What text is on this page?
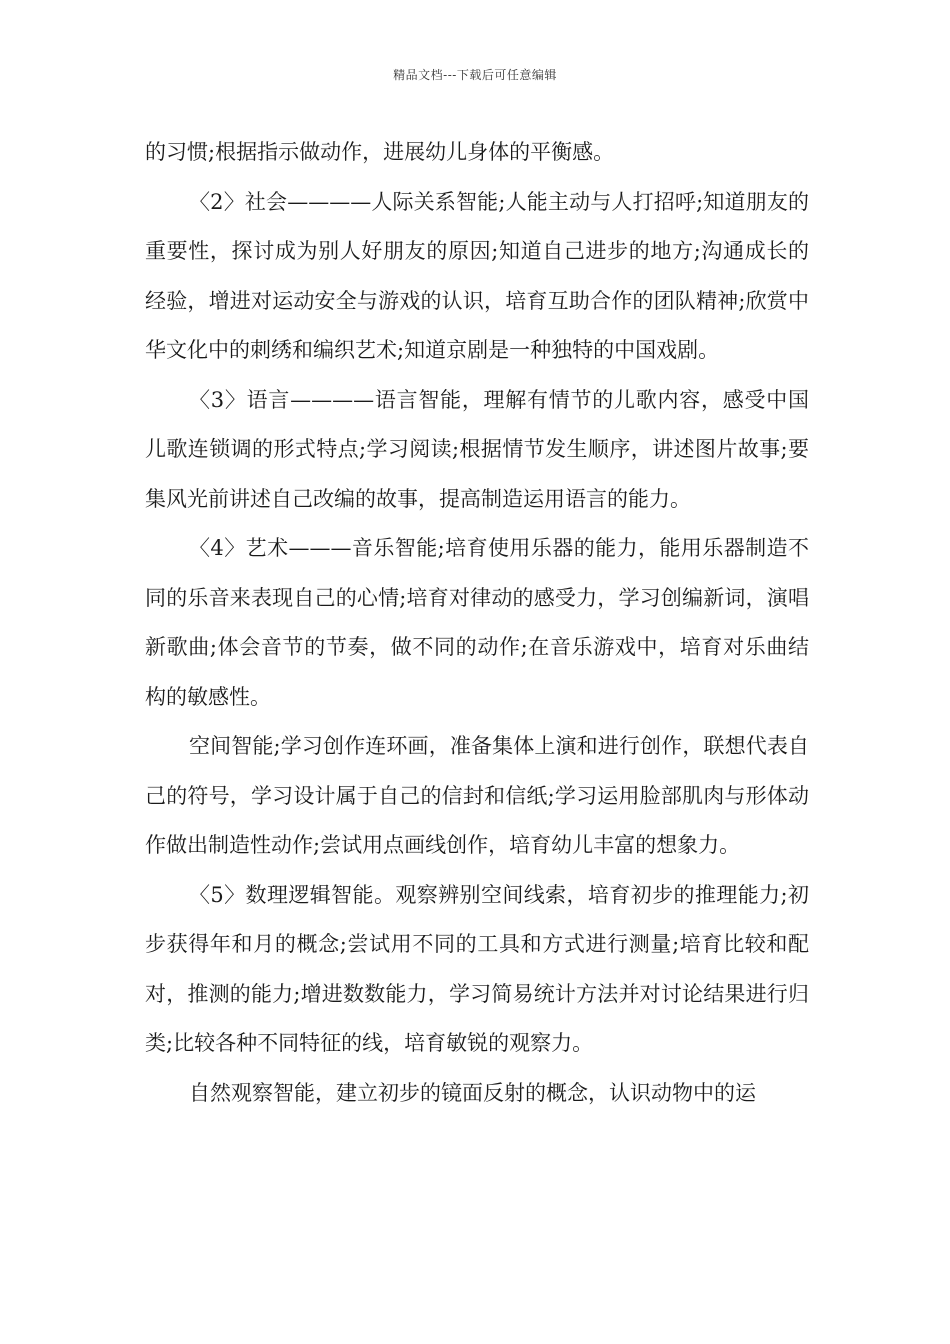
精品文档---下载后可任意编辑

的习惯;根据指示做动作，进展幼儿身体的平衡感。

〈2〉社会————人际关系智能;人能主动与人打招呼;知道朋友的重要性，探讨成为别人好朋友的原因;知道自己进步的地方;沟通成长的经验，增进对运动安全与游戏的认识，培育互助合作的团队精神;欣赏中华文化中的刺绣和编织艺术;知道京剧是一种独特的中国戏剧。

〈3〉语言————语言智能，理解有情节的儿歌内容，感受中国儿歌连锁调的形式特点;学习阅读;根据情节发生顺序，讲述图片故事;要集风光前讲述自己改编的故事，提高制造运用语言的能力。

〈4〉艺术———音乐智能;培育使用乐器的能力，能用乐器制造不同的乐音来表现自己的心情;培育对律动的感受力，学习创编新词，演唱新歌曲;体会音节的节奏，做不同的动作;在音乐游戏中，培育对乐曲结构的敏感性。

空间智能;学习创作连环画，准备集体上演和进行创作，联想代表自己的符号，学习设计属于自己的信封和信纸;学习运用脸部肌肉与形体动作做出制造性动作;尝试用点画线创作，培育幼儿丰富的想象力。

〈5〉数理逻辑智能。观察辨别空间线索，培育初步的推理能力;初步获得年和月的概念;尝试用不同的工具和方式进行测量;培育比较和配对，推测的能力;增进数数能力，学习简易统计方法并对讨论结果进行归类;比较各种不同特征的线，培育敏锐的观察力。

自然观察智能，建立初步的镜面反射的概念，认识动物中的运
